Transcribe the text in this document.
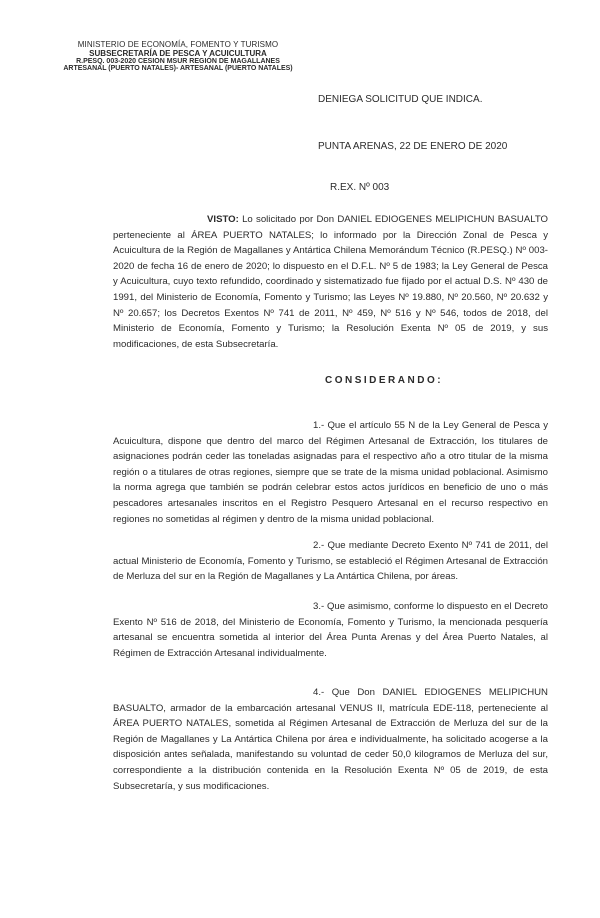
MINISTERIO DE ECONOMÍA, FOMENTO Y TURISMO
SUBSECRETARÍA DE PESCA Y ACUICULTURA
R.PESQ. 003-2020 CESION MSUR REGIÓN DE MAGALLANES
ARTESANAL (PUERTO NATALES)- ARTESANAL (PUERTO NATALES)
DENIEGA SOLICITUD QUE INDICA.
PUNTA ARENAS, 22 DE ENERO DE 2020
R.EX. Nº 003

VISTO: Lo solicitado por Don DANIEL EDIOGENES MELIPICHUN BASUALTO perteneciente al ÁREA PUERTO NATALES; lo informado por la Dirección Zonal de Pesca y Acuicultura de la Región de Magallanes y Antártica Chilena Memorándum Técnico (R.PESQ.) Nº 003-2020 de fecha 16 de enero de 2020; lo dispuesto en el D.F.L. Nº 5 de 1983; la Ley General de Pesca y Acuicultura, cuyo texto refundido, coordinado y sistematizado fue fijado por el actual D.S. Nº 430 de 1991, del Ministerio de Economía, Fomento y Turismo; las Leyes Nº 19.880, Nº 20.560, Nº 20.632 y Nº 20.657; los Decretos Exentos Nº 741 de 2011, Nº 459, Nº 516 y Nº 546, todos de 2018, del Ministerio de Economía, Fomento y Turismo; la Resolución Exenta Nº 05 de 2019, y sus modificaciones, de esta Subsecretaría.

CONSIDERANDO:

1.- Que el artículo 55 N de la Ley General de Pesca y Acuicultura, dispone que dentro del marco del Régimen Artesanal de Extracción, los titulares de asignaciones podrán ceder las toneladas asignadas para el respectivo año a otro titular de la misma región o a titulares de otras regiones, siempre que se trate de la misma unidad poblacional. Asimismo la norma agrega que también se podrán celebrar estos actos jurídicos en beneficio de uno o más pescadores artesanales inscritos en el Registro Pesquero Artesanal en el recurso respectivo en regiones no sometidas al régimen y dentro de la misma unidad poblacional.

2.- Que mediante Decreto Exento Nº 741 de 2011, del actual Ministerio de Economía, Fomento y Turismo, se estableció el Régimen Artesanal de Extracción de Merluza del sur en la Región de Magallanes y La Antártica Chilena, por áreas.

3.- Que asimismo, conforme lo dispuesto en el Decreto Exento Nº 516 de 2018, del Ministerio de Economía, Fomento y Turismo, la mencionada pesquería artesanal se encuentra sometida al interior del Área Punta Arenas y del Área Puerto Natales, al Régimen de Extracción Artesanal individualmente.

4.- Que Don DANIEL EDIOGENES MELIPICHUN BASUALTO, armador de la embarcación artesanal VENUS II, matrícula EDE-118, perteneciente al ÁREA PUERTO NATALES, sometida al Régimen Artesanal de Extracción de Merluza del sur de la Región de Magallanes y La Antártica Chilena por área e individualmente, ha solicitado acogerse a la disposición antes señalada, manifestando su voluntad de ceder 50,0 kilogramos de Merluza del sur, correspondiente a la distribución contenida en la Resolución Exenta Nº 05 de 2019, de esta Subsecretaría, y sus modificaciones.
